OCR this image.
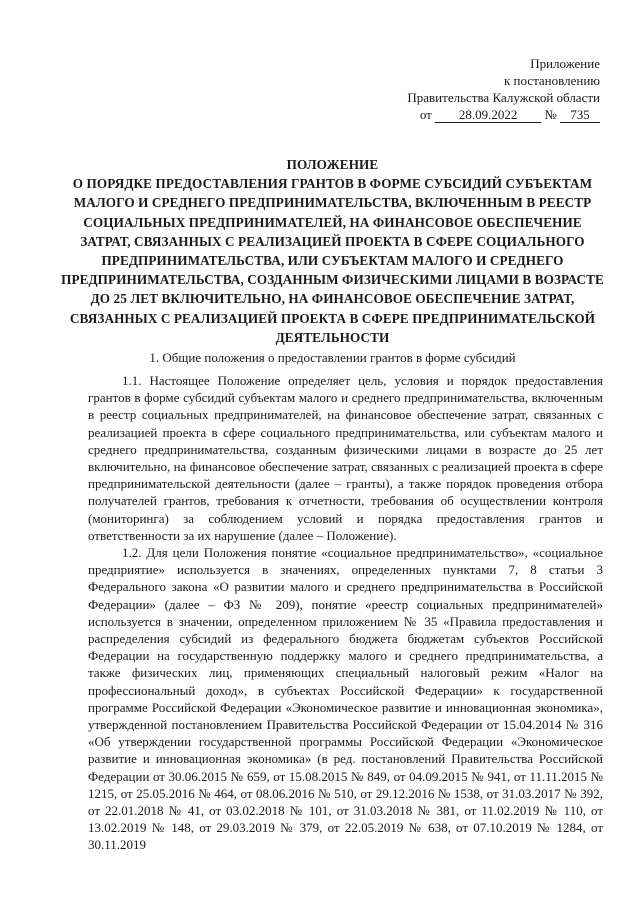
Приложение
к постановлению
Правительства Калужской области
от 28.09.2022 № 735
ПОЛОЖЕНИЕ
О ПОРЯДКЕ ПРЕДОСТАВЛЕНИЯ ГРАНТОВ В ФОРМЕ СУБСИДИЙ СУБЪЕКТАМ МАЛОГО И СРЕДНЕГО ПРЕДПРИНИМАТЕЛЬСТВА, ВКЛЮЧЕННЫМ В РЕЕСТР СОЦИАЛЬНЫХ ПРЕДПРИНИМАТЕЛЕЙ, НА ФИНАНСОВОЕ ОБЕСПЕЧЕНИЕ ЗАТРАТ, СВЯЗАННЫХ С РЕАЛИЗАЦИЕЙ ПРОЕКТА В СФЕРЕ СОЦИАЛЬНОГО ПРЕДПРИНИМАТЕЛЬСТВА, ИЛИ СУБЪЕКТАМ МАЛОГО И СРЕДНЕГО ПРЕДПРИНИМАТЕЛЬСТВА, СОЗДАННЫМ ФИЗИЧЕСКИМИ ЛИЦАМИ В ВОЗРАСТЕ ДО 25 ЛЕТ ВКЛЮЧИТЕЛЬНО, НА ФИНАНСОВОЕ ОБЕСПЕЧЕНИЕ ЗАТРАТ, СВЯЗАННЫХ С РЕАЛИЗАЦИЕЙ ПРОЕКТА В СФЕРЕ ПРЕДПРИНИМАТЕЛЬСКОЙ ДЕЯТЕЛЬНОСТИ
1. Общие положения о предоставлении грантов в форме субсидий

1.1. Настоящее Положение определяет цель, условия и порядок предоставления грантов в форме субсидий субъектам малого и среднего предпринимательства, включенным в реестр социальных предпринимателей, на финансовое обеспечение затрат, связанных с реализацией проекта в сфере социального предпринимательства, или субъектам малого и среднего предпринимательства, созданным физическими лицами в возрасте до 25 лет включительно, на финансовое обеспечение затрат, связанных с реализацией проекта в сфере предпринимательской деятельности (далее – гранты), а также порядок проведения отбора получателей грантов, требования к отчетности, требования об осуществлении контроля (мониторинга) за соблюдением условий и порядка предоставления грантов и ответственности за их нарушение (далее – Положение).

1.2. Для цели Положения понятие «социальное предпринимательство», «социальное предприятие» используется в значениях, определенных пунктами 7, 8 статьи 3 Федерального закона «О развитии малого и среднего предпринимательства в Российской Федерации» (далее – ФЗ № 209), понятие «реестр социальных предпринимателей» используется в значении, определенном приложением № 35 «Правила предоставления и распределения субсидий из федерального бюджета бюджетам субъектов Российской Федерации на государственную поддержку малого и среднего предпринимательства, а также физических лиц, применяющих специальный налоговый режим «Налог на профессиональный доход», в субъектах Российской Федерации» к государственной программе Российской Федерации «Экономическое развитие и инновационная экономика», утвержденной постановлением Правительства Российской Федерации от 15.04.2014 № 316 «Об утверждении государственной программы Российской Федерации «Экономическое развитие и инновационная экономика» (в ред. постановлений Правительства Российской Федерации от 30.06.2015 № 659, от 15.08.2015 № 849, от 04.09.2015 № 941, от 11.11.2015 № 1215, от 25.05.2016 № 464, от 08.06.2016 № 510, от 29.12.2016 № 1538, от 31.03.2017 № 392, от 22.01.2018 № 41, от 03.02.2018 № 101, от 31.03.2018 № 381, от 11.02.2019 № 110, от 13.02.2019 № 148, от 29.03.2019 № 379, от 22.05.2019 № 638, от 07.10.2019 № 1284, от 30.11.2019
